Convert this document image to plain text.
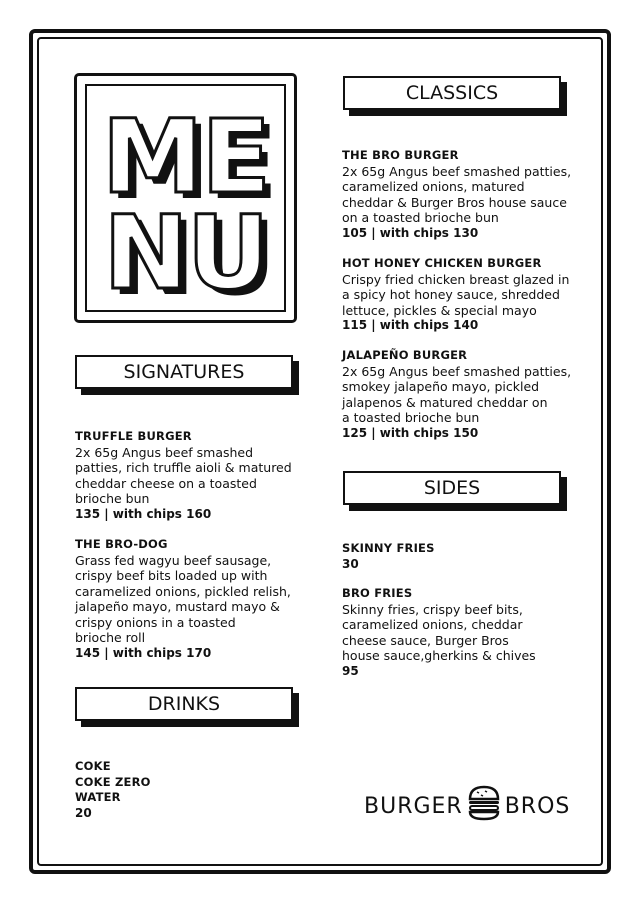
ME
NU
SIGNATURES
TRUFFLE BURGER
2x 65g Angus beef smashed
patties, rich truffle aioli & matured
cheddar cheese on a toasted
brioche bun
135 | with chips 160
THE BRO-DOG
Grass fed wagyu beef sausage,
crispy beef bits loaded up with
caramelized onions, pickled relish,
jalapeño mayo, mustard mayo &
crispy onions in a toasted
brioche roll
145 | with chips 170
DRINKS
COKE
COKE ZERO
WATER
20
CLASSICS
THE BRO BURGER
2x 65g Angus beef smashed patties,
caramelized onions, matured
cheddar & Burger Bros house sauce
on a toasted brioche bun
105 | with chips 130
HOT HONEY CHICKEN BURGER
Crispy fried chicken breast glazed in
a spicy hot honey sauce, shredded
lettuce, pickles & special mayo
115 | with chips 140
JALAPEÑO BURGER
2x 65g Angus beef smashed patties,
smokey jalapeño mayo, pickled
jalapenos & matured cheddar on
a toasted brioche bun
125 | with chips 150
SIDES
SKINNY FRIES
30
BRO FRIES
Skinny fries, crispy beef bits,
caramelized onions, cheddar
cheese sauce, Burger Bros
house sauce,gherkins & chives
95
BURGER BROS
